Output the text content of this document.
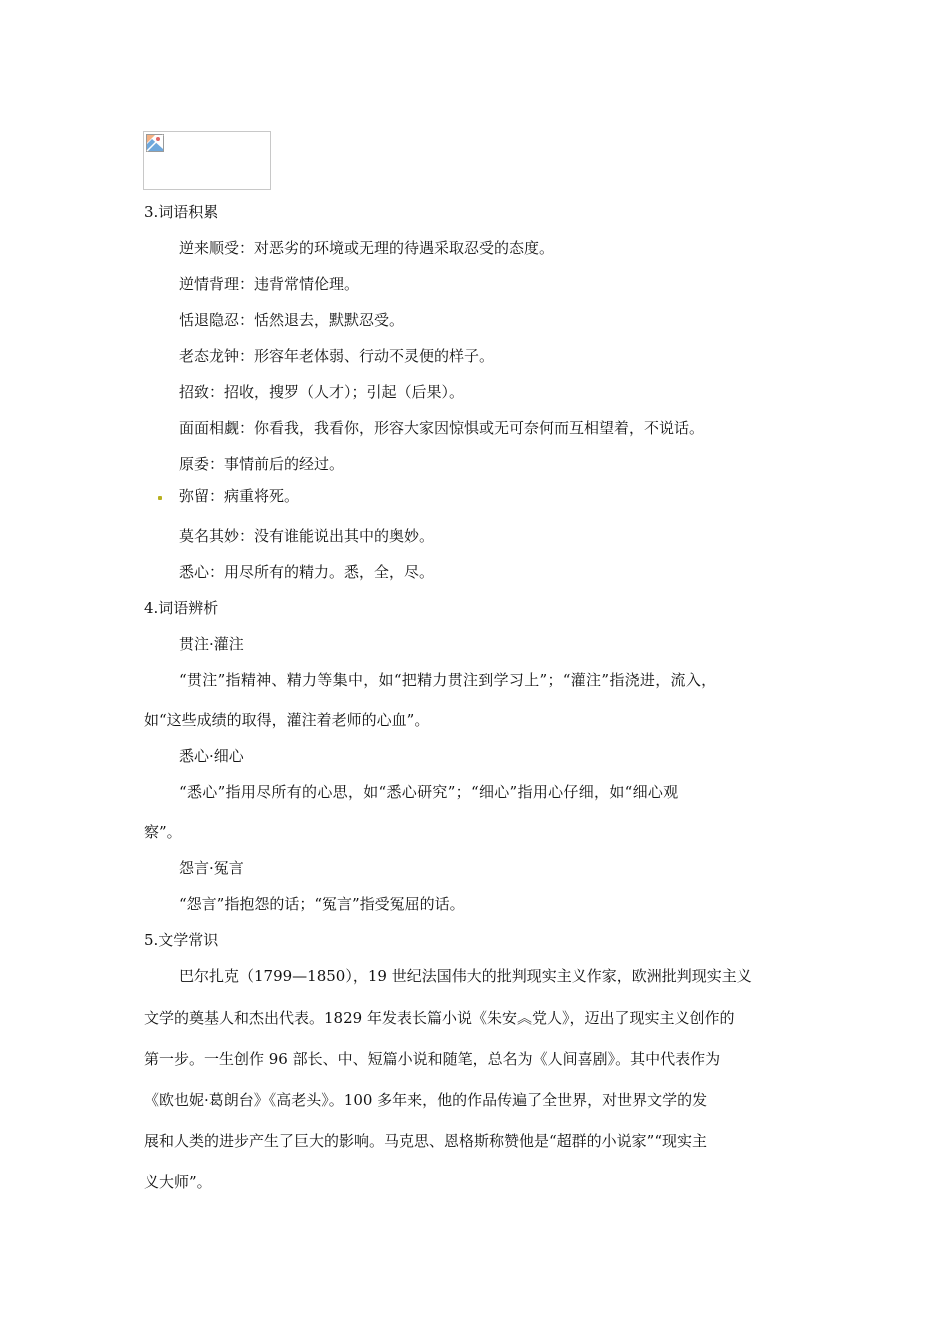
3.词语积累
逆来顺受：对恶劣的环境或无理的待遇采取忍受的态度。
逆情背理：违背常情伦理。
恬退隐忍：恬然退去，默默忍受。
老态龙钟：形容年老体弱、行动不灵便的样子。
招致：招收，搜罗（人才）；引起（后果）。
面面相觑：你看我，我看你，形容大家因惊惧或无可奈何而互相望着，不说话。
原委：事情前后的经过。
弥留：病重将死。
莫名其妙：没有谁能说出其中的奥妙。
悉心：用尽所有的精力。悉，全，尽。
4.词语辨析
贯注·灌注
“贯注”指精神、精力等集中，如“把精力贯注到学习上”；“灌注”指浇进，流入，
如“这些成绩的取得，灌注着老师的心血”。
悉心·细心
“悉心”指用尽所有的心思，如“悉心研究”；“细心”指用心仔细，如“细心观
察”。
怨言·冤言
“怨言”指抱怨的话；“冤言”指受冤屈的话。
5.文学常识
巴尔扎克（1799—1850），19 世纪法国伟大的批判现实主义作家，欧洲批判现实主义
文学的奠基人和杰出代表。1829 年发表长篇小说《朱安︽党人》，迈出了现实主义创作的
第一步。一生创作 96 部长、中、短篇小说和随笔，总名为《人间喜剧》。其中代表作为
《欧也妮·葛朗台》《高老头》。100 多年来，他的作品传遍了全世界，对世界文学的发
展和人类的进步产生了巨大的影响。马克思、恩格斯称赞他是“超群的小说家”“现实主
义大师”。
